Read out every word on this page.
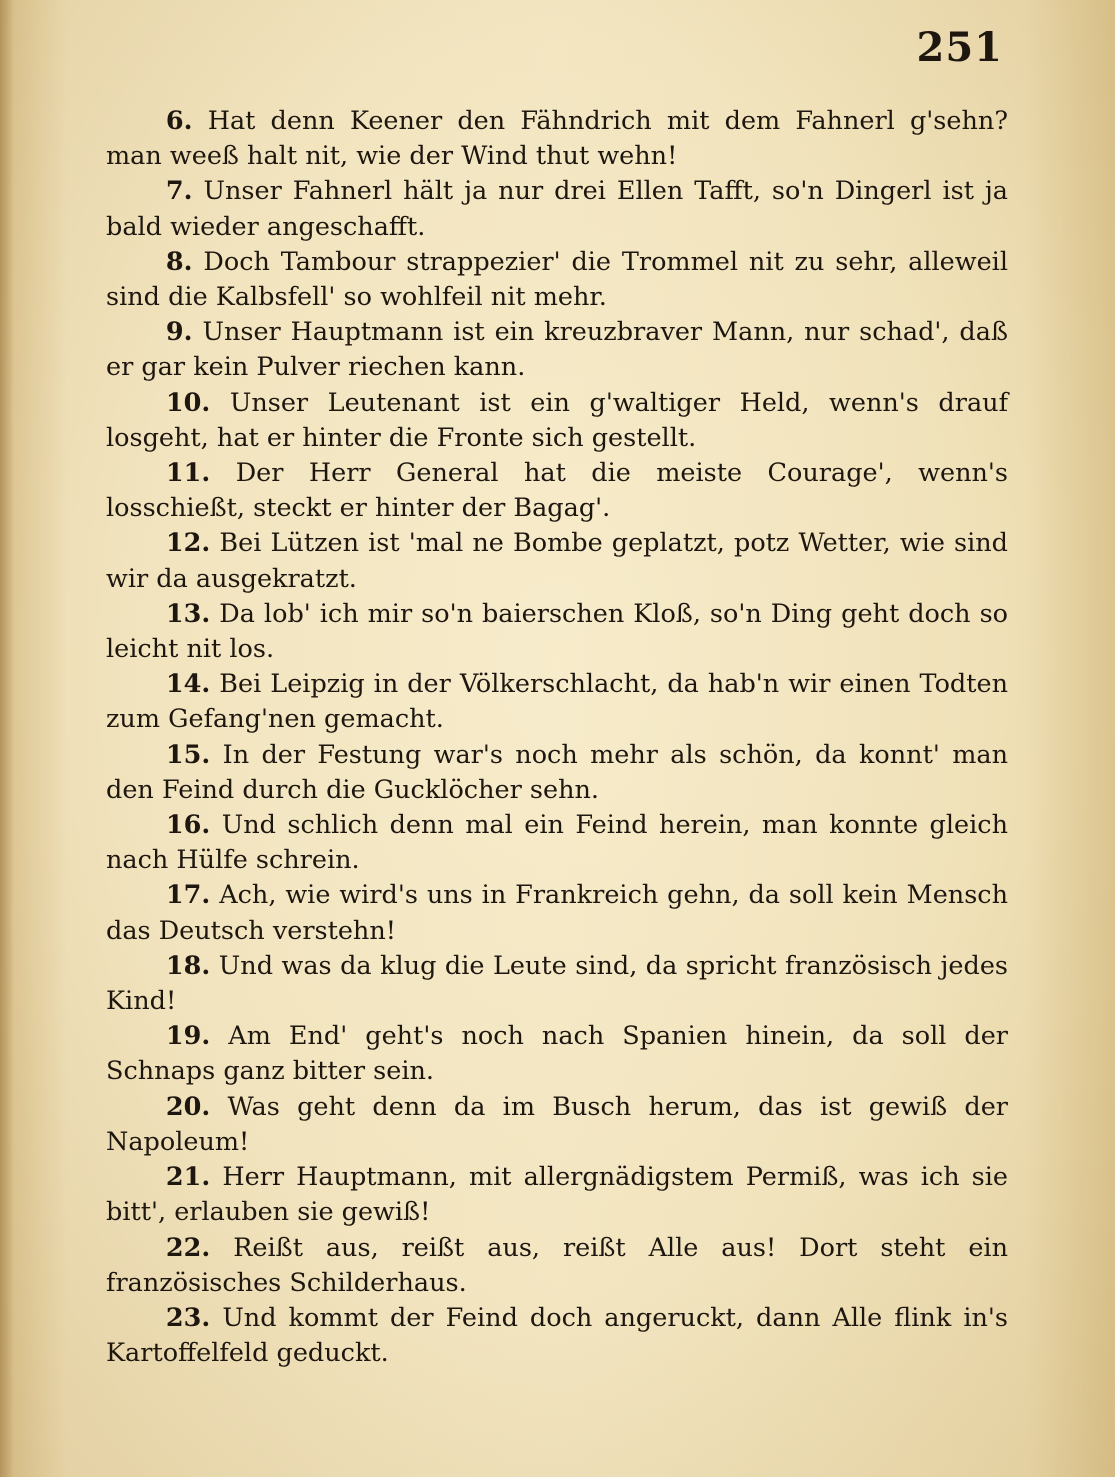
251

6. Hat denn Keener den Fähndrich mit dem Fahnerl g'sehn? man weeß halt nit, wie der Wind thut wehn!

7. Unser Fahnerl hält ja nur drei Ellen Tafft, so'n Dingerl ist ja bald wieder angeschafft.

8. Doch Tambour strappezier' die Trommel nit zu sehr, alleweil sind die Kalbsfell' so wohlfeil nit mehr.

9. Unser Hauptmann ist ein kreuzbraver Mann, nur schad', daß er gar kein Pulver riechen kann.

10. Unser Leutenant ist ein g'waltiger Held, wenn's drauf losgeht, hat er hinter die Fronte sich gestellt.

11. Der Herr General hat die meiste Courage', wenn's losschießt, steckt er hinter der Bagag'.

12. Bei Lützen ist 'mal ne Bombe geplatzt, potz Wetter, wie sind wir da ausgekratzt.

13. Da lob' ich mir so'n baierschen Kloß, so'n Ding geht doch so leicht nit los.

14. Bei Leipzig in der Völkerschlacht, da hab'n wir einen Todten zum Gefang'nen gemacht.

15. In der Festung war's noch mehr als schön, da konnt' man den Feind durch die Gucklöcher sehn.

16. Und schlich denn mal ein Feind herein, man konnte gleich nach Hülfe schrein.

17. Ach, wie wird's uns in Frankreich gehn, da soll kein Mensch das Deutsch verstehn!

18. Und was da klug die Leute sind, da spricht französisch jedes Kind!

19. Am End' geht's noch nach Spanien hinein, da soll der Schnaps ganz bitter sein.

20. Was geht denn da im Busch herum, das ist gewiß der Napoleum!

21. Herr Hauptmann, mit allergnädigstem Permiß, was ich sie bitt', erlauben sie gewiß!

22. Reißt aus, reißt aus, reißt Alle aus! Dort steht ein französisches Schilderhaus.

23. Und kommt der Feind doch angeruckt, dann Alle flink in's Kartoffelfeld geduckt.
